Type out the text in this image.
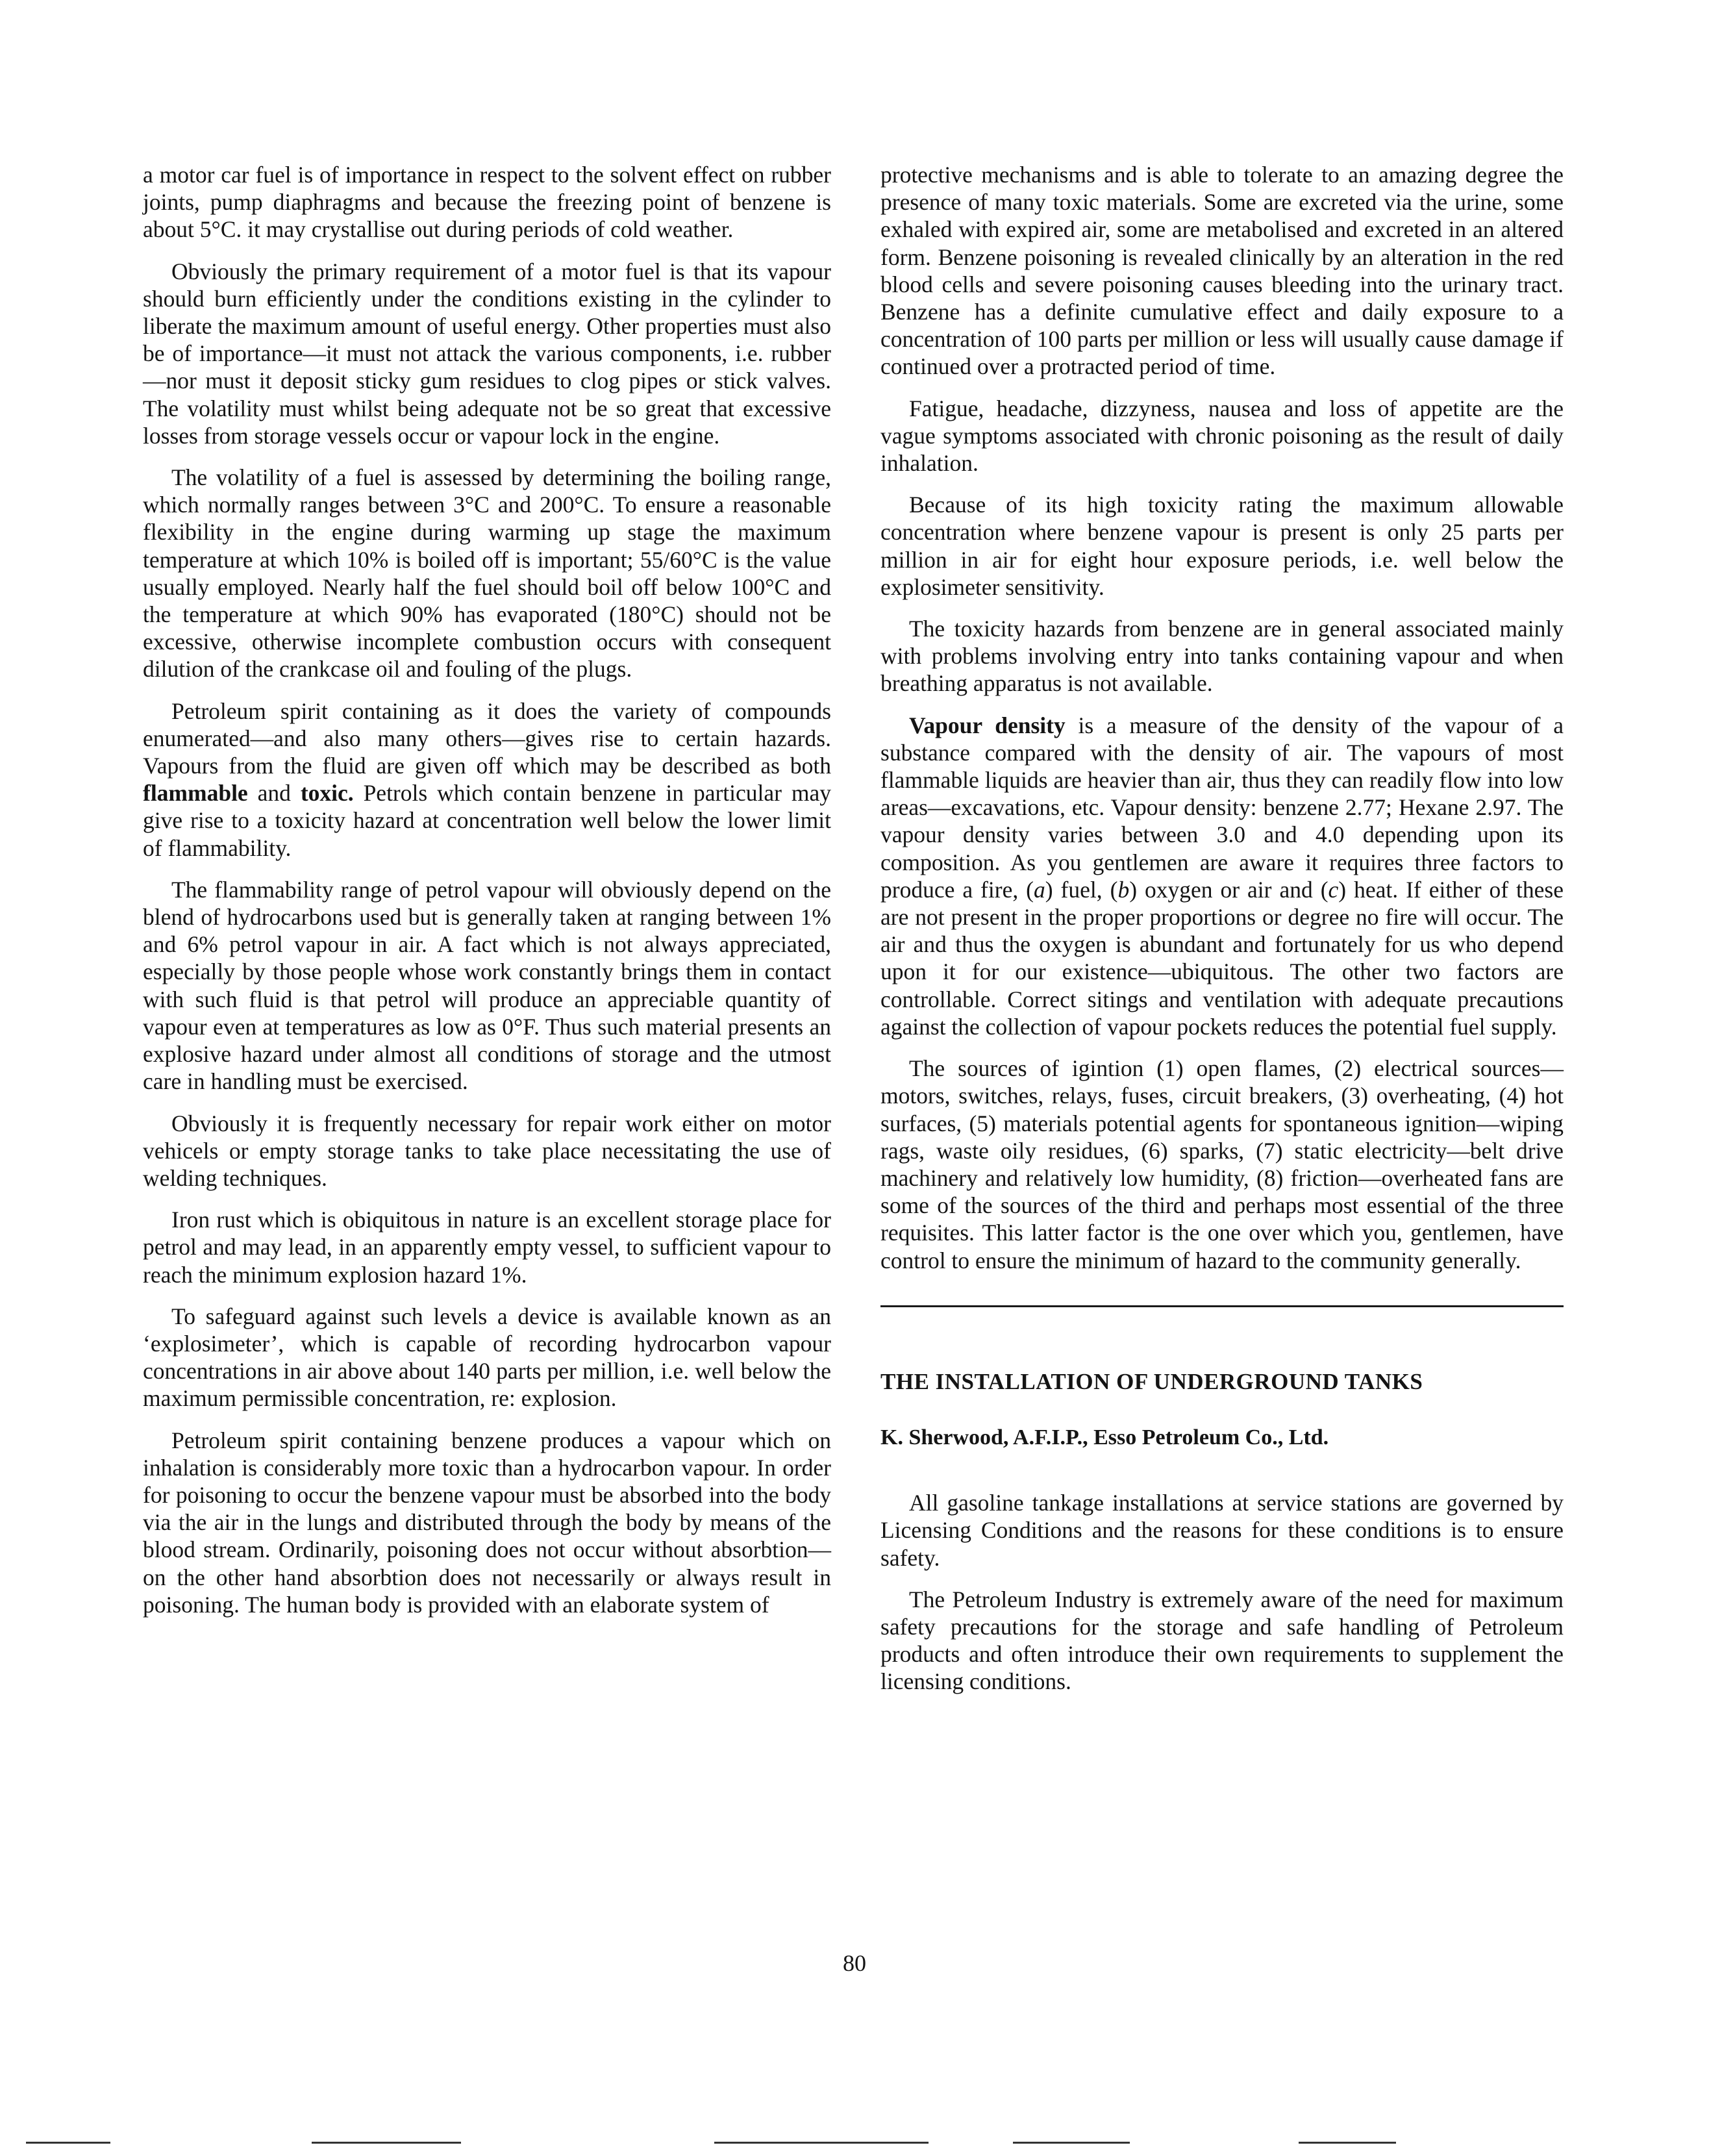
a motor car fuel is of importance in respect to the solvent effect on rubber joints, pump diaphragms and because the freezing point of benzene is about 5°C. it may crystallise out during periods of cold weather.

Obviously the primary requirement of a motor fuel is that its vapour should burn efficiently under the conditions existing in the cylinder to liberate the maximum amount of useful energy. Other properties must also be of importance—it must not attack the various components, i.e. rubber—nor must it deposit sticky gum residues to clog pipes or stick valves. The volatility must whilst being adequate not be so great that excessive losses from storage vessels occur or vapour lock in the engine.

The volatility of a fuel is assessed by determining the boiling range, which normally ranges between 3°C and 200°C. To ensure a reasonable flexibility in the engine during warming up stage the maximum temperature at which 10% is boiled off is important; 55/60°C is the value usually employed. Nearly half the fuel should boil off below 100°C and the temperature at which 90% has evaporated (180°C) should not be excessive, otherwise incomplete combustion occurs with consequent dilution of the crankcase oil and fouling of the plugs.

Petroleum spirit containing as it does the variety of compounds enumerated—and also many others—gives rise to certain hazards. Vapours from the fluid are given off which may be described as both flammable and toxic. Petrols which contain benzene in particular may give rise to a toxicity hazard at concentration well below the lower limit of flammability.

The flammability range of petrol vapour will obviously depend on the blend of hydrocarbons used but is generally taken at ranging between 1% and 6% petrol vapour in air. A fact which is not always appreciated, especially by those people whose work constantly brings them in contact with such fluid is that petrol will produce an appreciable quantity of vapour even at temperatures as low as 0°F. Thus such material presents an explosive hazard under almost all conditions of storage and the utmost care in handling must be exercised.

Obviously it is frequently necessary for repair work either on motor vehicels or empty storage tanks to take place necessitating the use of welding techniques.

Iron rust which is obiquitous in nature is an excellent storage place for petrol and may lead, in an apparently empty vessel, to sufficient vapour to reach the minimum explosion hazard 1%.

To safeguard against such levels a device is available known as an ‘explosimeter’, which is capable of recording hydrocarbon vapour concentrations in air above about 140 parts per million, i.e. well below the maximum permissible concentration, re: explosion.

Petroleum spirit containing benzene produces a vapour which on inhalation is considerably more toxic than a hydrocarbon vapour. In order for poisoning to occur the benzene vapour must be absorbed into the body via the air in the lungs and distributed through the body by means of the blood stream. Ordinarily, poisoning does not occur without absorbtion—on the other hand absorbtion does not necessarily or always result in poisoning. The human body is provided with an elaborate system of

protective mechanisms and is able to tolerate to an amazing degree the presence of many toxic materials. Some are excreted via the urine, some exhaled with expired air, some are metabolised and excreted in an altered form. Benzene poisoning is revealed clinically by an alteration in the red blood cells and severe poisoning causes bleeding into the urinary tract. Benzene has a definite cumulative effect and daily exposure to a concentration of 100 parts per million or less will usually cause damage if continued over a protracted period of time.

Fatigue, headache, dizzyness, nausea and loss of appetite are the vague symptoms associated with chronic poisoning as the result of daily inhalation.

Because of its high toxicity rating the maximum allowable concentration where benzene vapour is present is only 25 parts per million in air for eight hour exposure periods, i.e. well below the explosimeter sensitivity.

The toxicity hazards from benzene are in general associated mainly with problems involving entry into tanks containing vapour and when breathing apparatus is not available.

Vapour density is a measure of the density of the vapour of a substance compared with the density of air. The vapours of most flammable liquids are heavier than air, thus they can readily flow into low areas—excavations, etc. Vapour density: benzene 2.77; Hexane 2.97. The vapour density varies between 3.0 and 4.0 depending upon its composition. As you gentlemen are aware it requires three factors to produce a fire, (a) fuel, (b) oxygen or air and (c) heat. If either of these are not present in the proper proportions or degree no fire will occur. The air and thus the oxygen is abundant and fortunately for us who depend upon it for our existence—ubiquitous. The other two factors are controllable. Correct sitings and ventilation with adequate precautions against the collection of vapour pockets reduces the potential fuel supply.

The sources of igintion (1) open flames, (2) electrical sources—motors, switches, relays, fuses, circuit breakers, (3) overheating, (4) hot surfaces, (5) materials potential agents for spontaneous ignition—wiping rags, waste oily residues, (6) sparks, (7) static electricity—belt drive machinery and relatively low humidity, (8) friction—overheated fans are some of the sources of the third and perhaps most essential of the three requisites. This latter factor is the one over which you, gentlemen, have control to ensure the minimum of hazard to the community generally.

THE INSTALLATION OF UNDERGROUND TANKS

K. Sherwood, A.F.I.P., Esso Petroleum Co., Ltd.

All gasoline tankage installations at service stations are governed by Licensing Conditions and the reasons for these conditions is to ensure safety.

The Petroleum Industry is extremely aware of the need for maximum safety precautions for the storage and safe handling of Petroleum products and often introduce their own requirements to supplement the licensing conditions.

80
